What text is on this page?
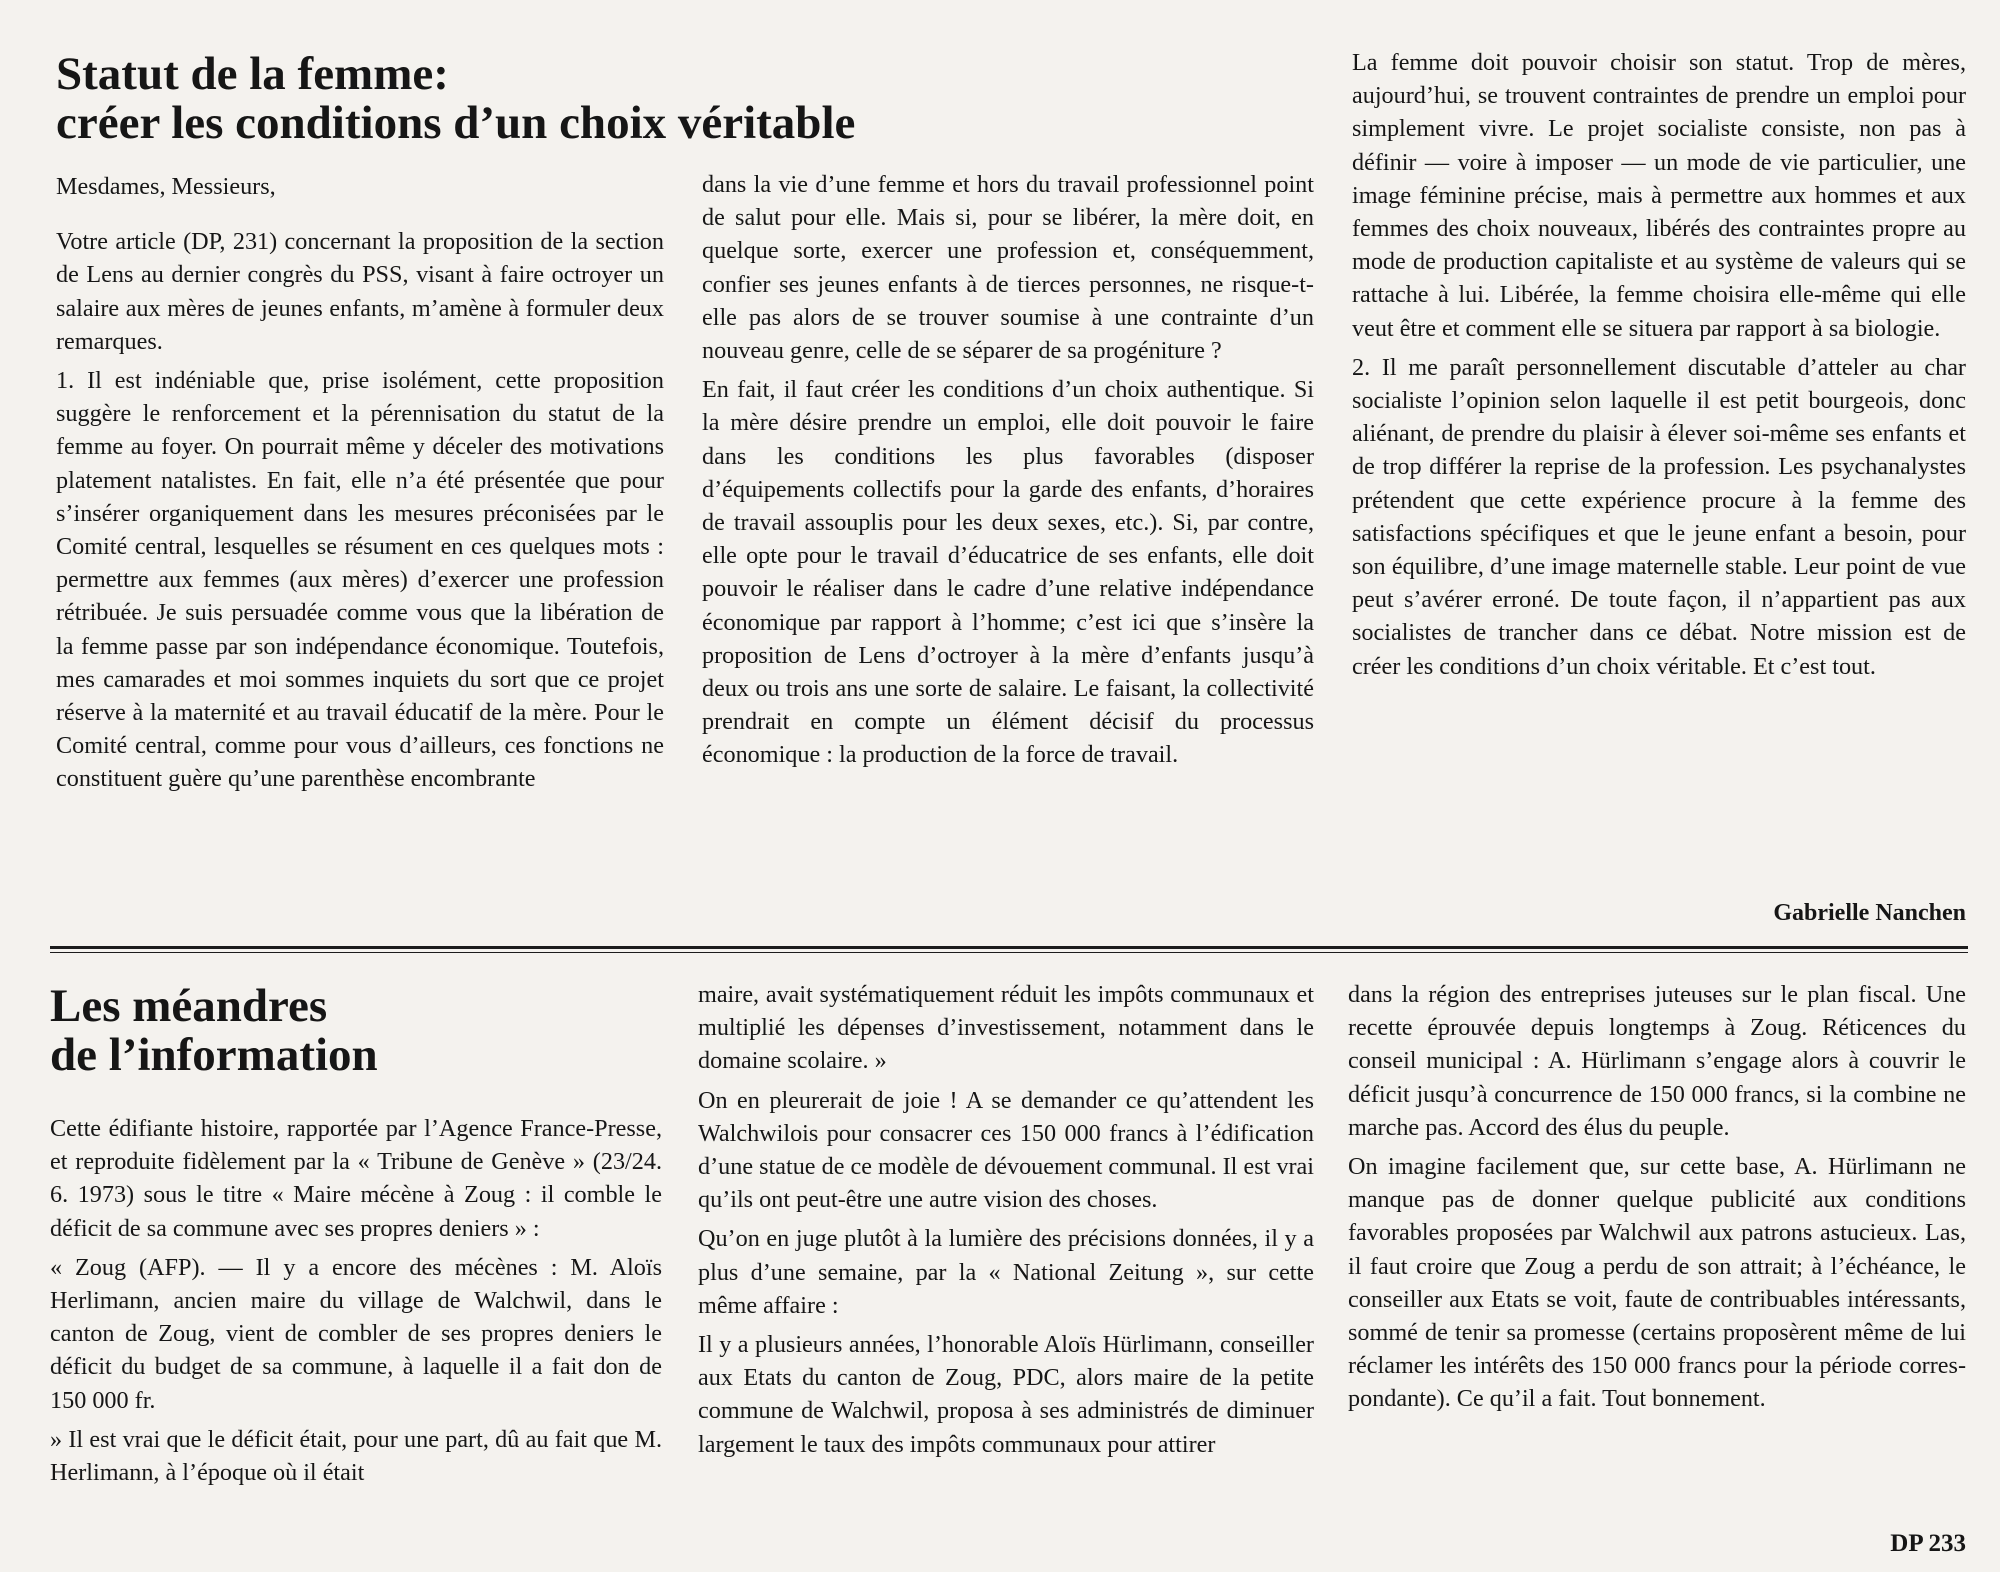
Statut de la femme:
créer les conditions d’un choix véritable

Mesdames, Messieurs,

Votre article (DP, 231) concernant la proposition de la section de Lens au dernier congrès du PSS, visant à faire octroyer un salaire aux mères de jeunes enfants, m’amène à formuler deux remarques.

1. Il est indéniable que, prise isolément, cette proposition suggère le renforcement et la pérennisation du statut de la femme au foyer. On pourrait même y déceler des motivations platement natalistes. En fait, elle n’a été présentée que pour s’insérer organiquement dans les mesures préconisées par le Comité central, lesquelles se résument en ces quelques mots : permettre aux femmes (aux mères) d’exercer une profession rétribuée. Je suis persuadée comme vous que la libération de la femme passe par son indépendance économique. Toutefois, mes camarades et moi sommes inquiets du sort que ce projet réserve à la maternité et au travail éducatif de la mère. Pour le Comité central, comme pour vous d’ailleurs, ces fonctions ne constituent guère qu’une parenthèse encombrante

dans la vie d’une femme et hors du travail professionnel point de salut pour elle. Mais si, pour se libérer, la mère doit, en quelque sorte, exercer une profession et, conséquemment, confier ses jeunes enfants à de tierces personnes, ne risque-t-elle pas alors de se trouver soumise à une contrainte d’un nouveau genre, celle de se séparer de sa progéniture ?

En fait, il faut créer les conditions d’un choix authentique. Si la mère désire prendre un emploi, elle doit pouvoir le faire dans les conditions les plus favorables (disposer d’équipements collectifs pour la garde des enfants, d’horaires de travail assouplis pour les deux sexes, etc.). Si, par contre, elle opte pour le travail d’éducatrice de ses enfants, elle doit pouvoir le réaliser dans le cadre d’une relative indépendance économique par rapport à l’homme; c’est ici que s’insère la proposition de Lens d’octroyer à la mère d’enfants jusqu’à deux ou trois ans une sorte de salaire. Le faisant, la collectivité prendrait en compte un élément décisif du processus économique : la production de la force de travail.

La femme doit pouvoir choisir son statut. Trop de mères, aujourd’hui, se trouvent contraintes de prendre un emploi pour simplement vivre. Le projet socialiste consiste, non pas à définir — voire à imposer — un mode de vie particulier, une image féminine précise, mais à permettre aux hommes et aux femmes des choix nouveaux, libérés des contraintes propre au mode de production capitaliste et au système de valeurs qui se rattache à lui. Libérée, la femme choisira elle-même qui elle veut être et comment elle se situera par rapport à sa biologie.

2. Il me paraît personnellement discutable d’atteler au char socialiste l’opinion selon laquelle il est petit bourgeois, donc aliénant, de prendre du plaisir à élever soi-même ses enfants et de trop différer la reprise de la profession. Les psychanalystes prétendent que cette expérience procure à la femme des satisfactions spécifiques et que le jeune enfant a besoin, pour son équilibre, d’une image maternelle stable. Leur point de vue peut s’avérer erroné. De toute façon, il n’appartient pas aux socialistes de trancher dans ce débat. Notre mission est de créer les conditions d’un choix véritable. Et c’est tout.

Gabrielle Nanchen

Les méandres
de l’information

Cette édifiante histoire, rapportée par l’Agence France-Presse, et reproduite fidèlement par la « Tribune de Genève » (23/24. 6. 1973) sous le titre « Maire mécène à Zoug : il comble le déficit de sa commune avec ses propres deniers » :

« Zoug (AFP). — Il y a encore des mécènes : M. Aloïs Herlimann, ancien maire du village de Walchwil, dans le canton de Zoug, vient de combler de ses propres deniers le déficit du budget de sa commune, à laquelle il a fait don de 150 000 fr.

» Il est vrai que le déficit était, pour une part, dû au fait que M. Herlimann, à l’époque où il était

maire, avait systématiquement réduit les impôts communaux et multiplié les dépenses d’investissement, notamment dans le domaine scolaire. »

On en pleurerait de joie ! A se demander ce qu’attendent les Walchwilois pour consacrer ces 150 000 francs à l’édification d’une statue de ce modèle de dévouement communal. Il est vrai qu’ils ont peut-être une autre vision des choses.

Qu’on en juge plutôt à la lumière des précisions données, il y a plus d’une semaine, par la « National Zeitung », sur cette même affaire :

Il y a plusieurs années, l’honorable Aloïs Hürlimann, conseiller aux Etats du canton de Zoug, PDC, alors maire de la petite commune de Walchwil, proposa à ses administrés de diminuer largement le taux des impôts communaux pour attirer

dans la région des entreprises juteuses sur le plan fiscal. Une recette éprouvée depuis longtemps à Zoug. Réticences du conseil municipal : A. Hürlimann s’engage alors à couvrir le déficit jusqu’à concurrence de 150 000 francs, si la combine ne marche pas. Accord des élus du peuple.

On imagine facilement que, sur cette base, A. Hürlimann ne manque pas de donner quelque publicité aux conditions favorables proposées par Walchwil aux patrons astucieux. Las, il faut croire que Zoug a perdu de son attrait; à l’échéance, le conseiller aux Etats se voit, faute de contribuables intéressants, sommé de tenir sa promesse (certains proposèrent même de lui réclamer les intérêts des 150 000 francs pour la période correspondante). Ce qu’il a fait. Tout bonnement.

DP 233
